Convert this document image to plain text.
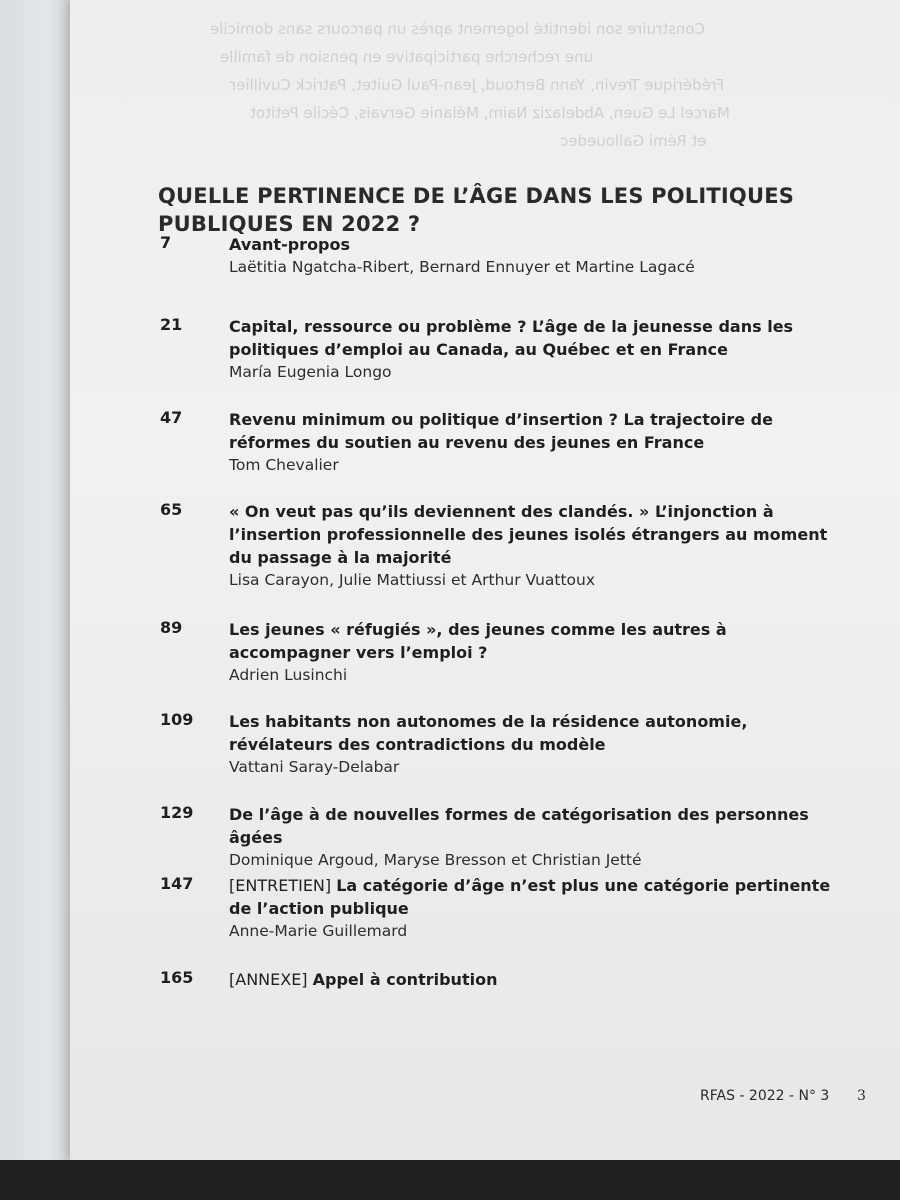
Construire son identité logement après un parcours sans domicile
une recherche participative en pension de famille
Frédérique Trevin, Yann Bertoud, Jean-Paul Guitet, Patrick Cuvillier
Marcel Le Guen, Abdelaziz Naim, Mélanie Gervais, Cécile Petitot
et Rémi Gallouedec
QUELLE PERTINENCE DE L’ÂGE DANS LES POLITIQUES PUBLIQUES EN 2022 ?
7	Avant-propos
Laëtitia Ngatcha-Ribert, Bernard Ennuyer et Martine Lagacé
21	Capital, ressource ou problème ? L’âge de la jeunesse dans les politiques d’emploi au Canada, au Québec et en France
María Eugenia Longo
47	Revenu minimum ou politique d’insertion ? La trajectoire de réformes du soutien au revenu des jeunes en France
Tom Chevalier
65	« On veut pas qu’ils deviennent des clandés. » L’injonction à l’insertion professionnelle des jeunes isolés étrangers au moment du passage à la majorité
Lisa Carayon, Julie Mattiussi et Arthur Vuattoux
89	Les jeunes « réfugiés », des jeunes comme les autres à accompagner vers l’emploi ?
Adrien Lusinchi
109 Les habitants non autonomes de la résidence autonomie, révélateurs des contradictions du modèle
Vattani Saray-Delabar
129 De l’âge à de nouvelles formes de catégorisation des personnes âgées
Dominique Argoud, Maryse Bresson et Christian Jetté
147 [ENTRETIEN] La catégorie d’âge n’est plus une catégorie pertinente de l’action publique
Anne-Marie Guillemard
165 [ANNEXE] Appel à contribution
RFAS - 2022 - N° 3 3
